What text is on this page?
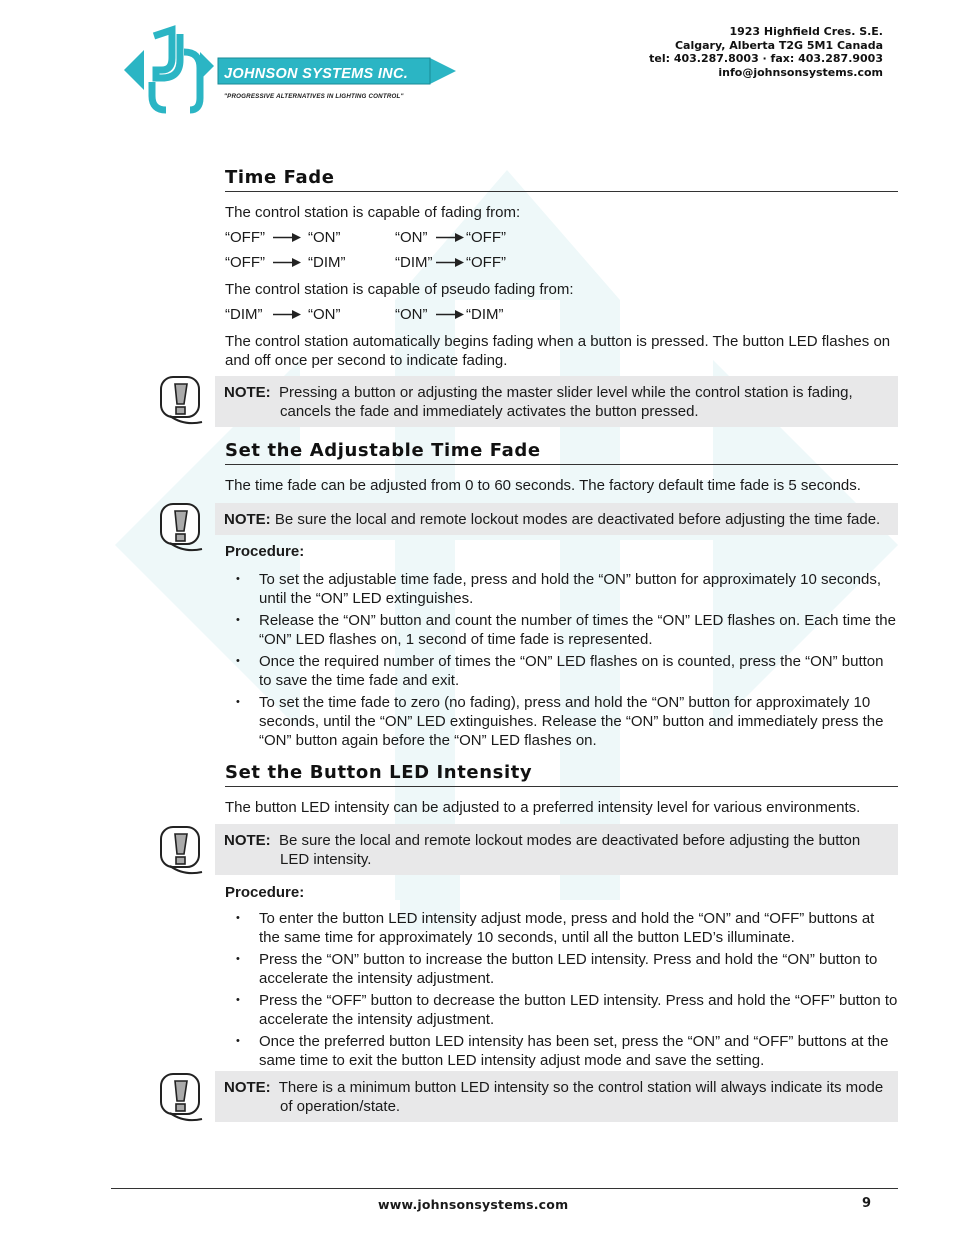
JOHNSON SYSTEMS INC.
"PROGRESSIVE ALTERNATIVES IN LIGHTING CONTROL"
1923 Highfield Cres. S.E.
Calgary, Alberta T2G 5M1 Canada
tel: 403.287.8003 · fax: 403.287.9003
info@johnsonsystems.com
Time Fade
The control station is capable of fading from:
“OFF”	“ON”	“ON”	“OFF”
“OFF”	“DIM”	“DIM” “OFF”
The control station is capable of pseudo fading from:
“DIM”	“ON”	“ON”	“DIM”
The control station automatically begins fading when a button is pressed. The button LED flashes on and off once per second to indicate fading.
NOTE: Pressing a button or adjusting the master slider level while the control station is fading, cancels the fade and immediately activates the button pressed.
Set the Adjustable Time Fade
The time fade can be adjusted from 0 to 60 seconds. The factory default time fade is 5 seconds.
NOTE: Be sure the local and remote lockout modes are deactivated before adjusting the time fade.
Procedure:
• To set the adjustable time fade, press and hold the “ON” button for approximately 10 seconds, until the “ON” LED extinguishes.
• Release the “ON” button and count the number of times the “ON” LED flashes on. Each time the “ON” LED flashes on, 1 second of time fade is represented.
• Once the required number of times the “ON” LED flashes on is counted, press the “ON” button to save the time fade and exit.
• To set the time fade to zero (no fading), press and hold the “ON” button for approximately 10 seconds, until the “ON” LED extinguishes. Release the “ON” button and immediately press the “ON” button again before the “ON” LED flashes on.
Set the Button LED Intensity
The button LED intensity can be adjusted to a preferred intensity level for various environments.
NOTE: Be sure the local and remote lockout modes are deactivated before adjusting the button LED intensity.
Procedure:
• To enter the button LED intensity adjust mode, press and hold the “ON” and “OFF” buttons at the same time for approximately 10 seconds, until all the button LED’s illuminate.
• Press the “ON” button to increase the button LED intensity. Press and hold the “ON” button to accelerate the intensity adjustment.
• Press the “OFF” button to decrease the button LED intensity. Press and hold the “OFF” button to accelerate the intensity adjustment.
• Once the preferred button LED intensity has been set, press the “ON” and “OFF” buttons at the same time to exit the button LED intensity adjust mode and save the setting.
NOTE: There is a minimum button LED intensity so the control station will always indicate its mode of operation/state.
www.johnsonsystems.com	9
